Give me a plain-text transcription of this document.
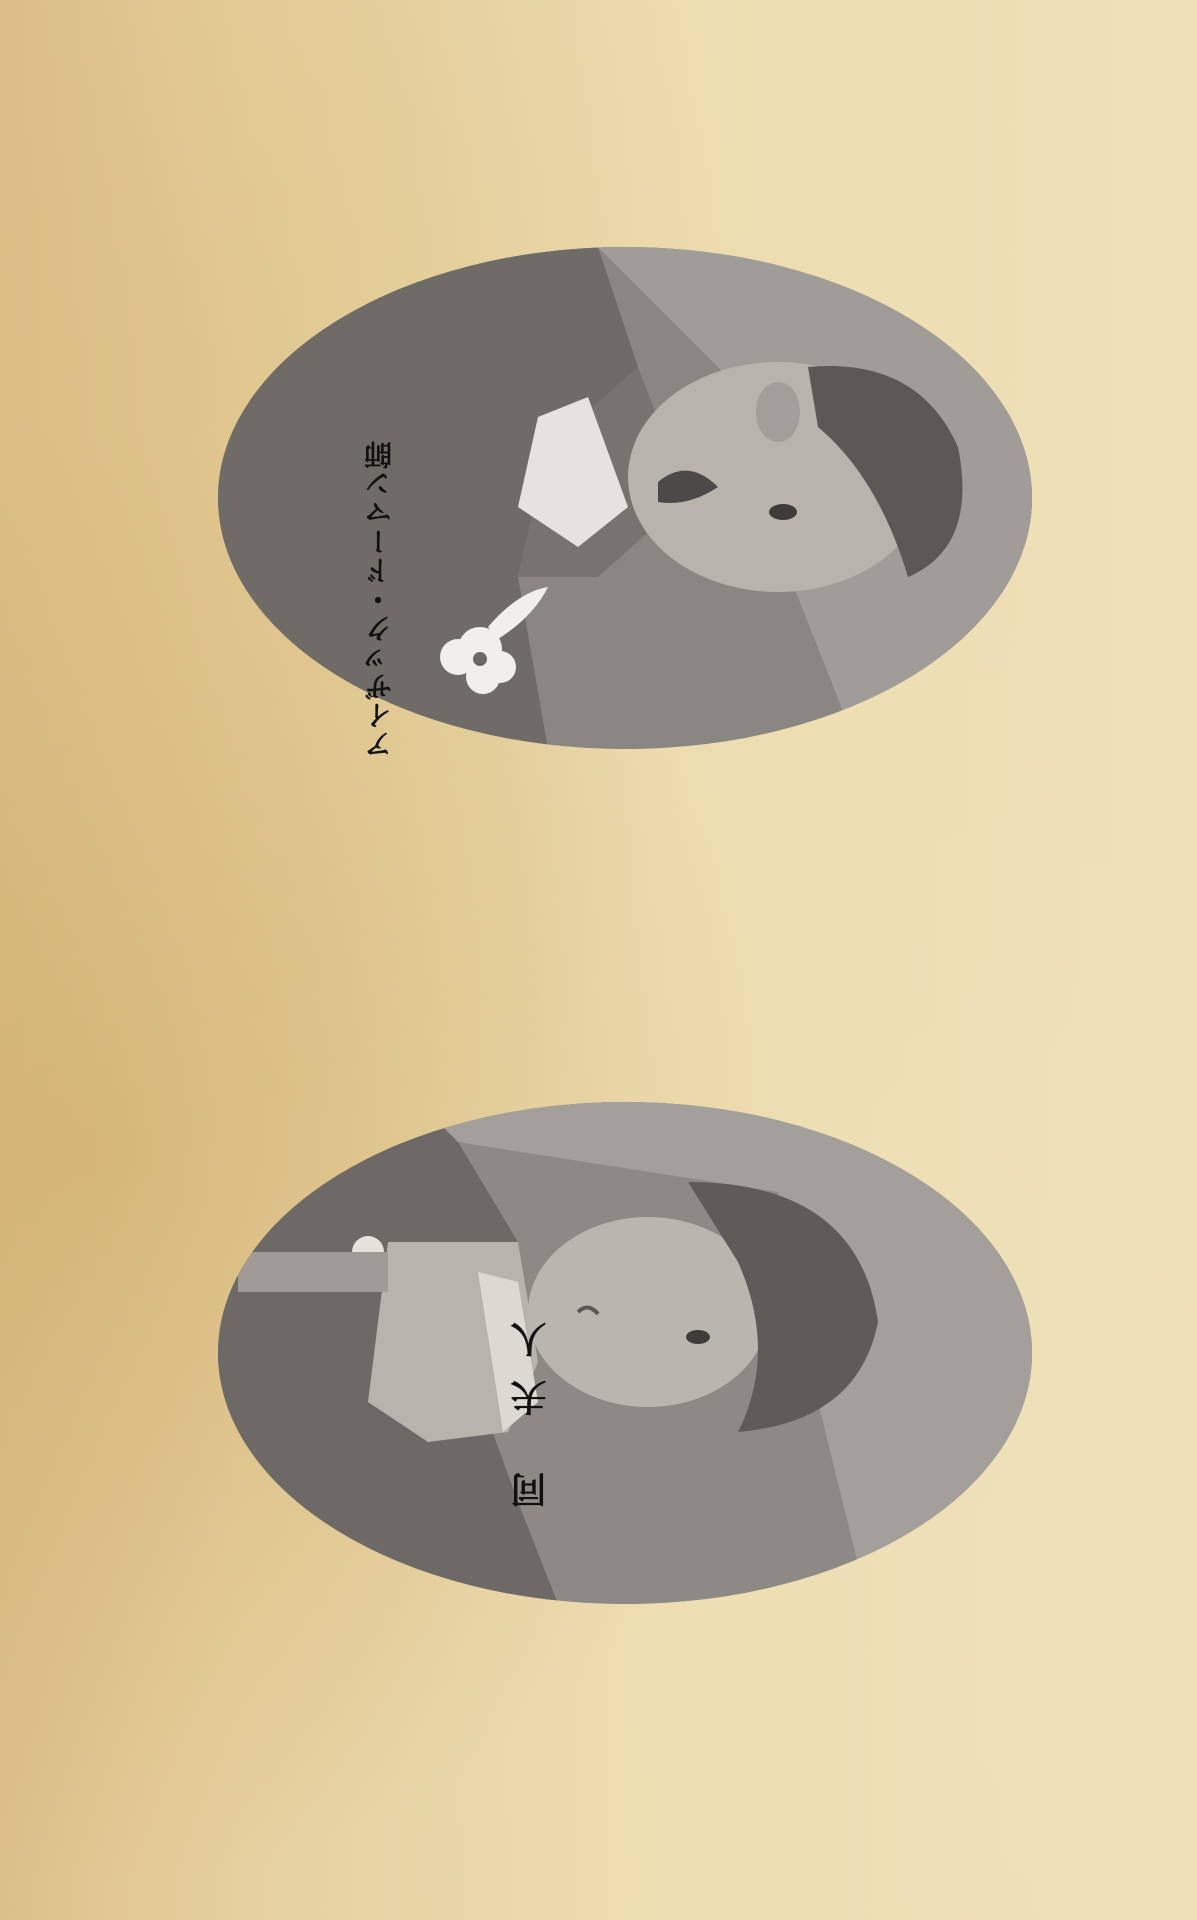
アイザック・ドーマン師
同 夫人
